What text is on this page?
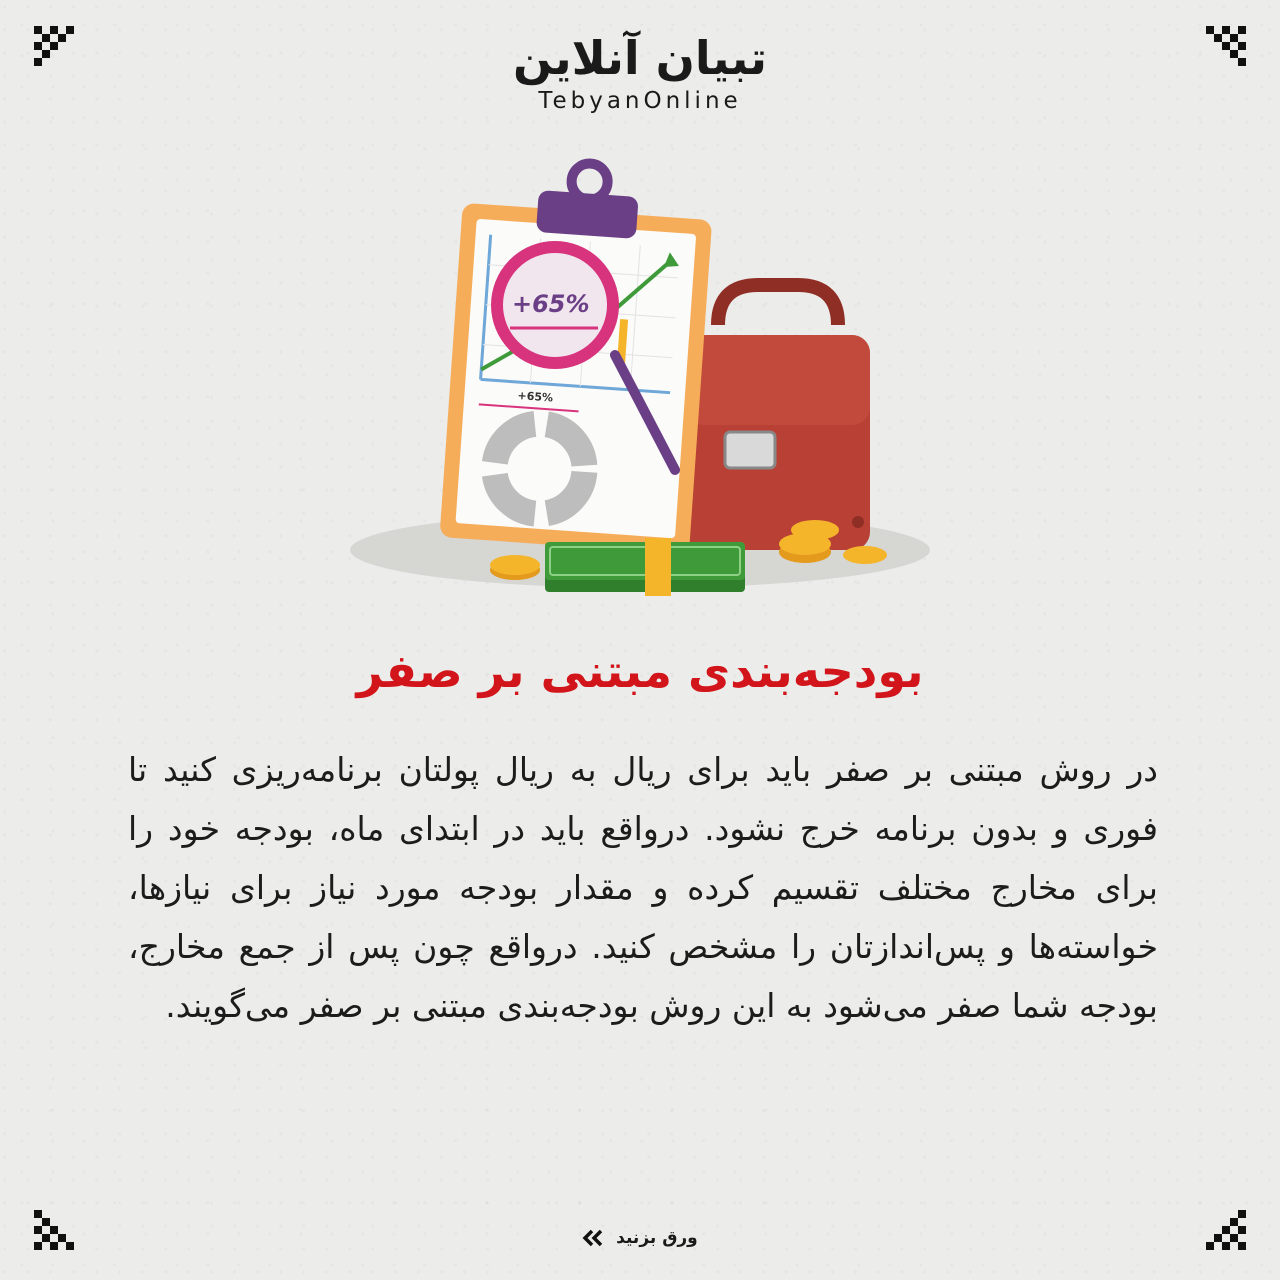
تبیان آنلاین
TebyanOnline
+65%
+65%
بودجه‌بندی مبتنی بر صفر
در روش مبتنی بر صفر باید برای ریال به ریال پولتان برنامه‌ریزی کنید تا فوری و بدون برنامه خرج نشود. درواقع باید در ابتدای ماه، بودجه خود را برای مخارج مختلف تقسیم کرده و مقدار بودجه مورد نیاز برای نیازها، خواسته‌ها و پس‌اندازتان را مشخص کنید. درواقع چون پس از جمع مخارج، بودجه شما صفر می‌شود به این روش بودجه‌بندی مبتنی بر صفر می‌گویند.
ورق بزنید
